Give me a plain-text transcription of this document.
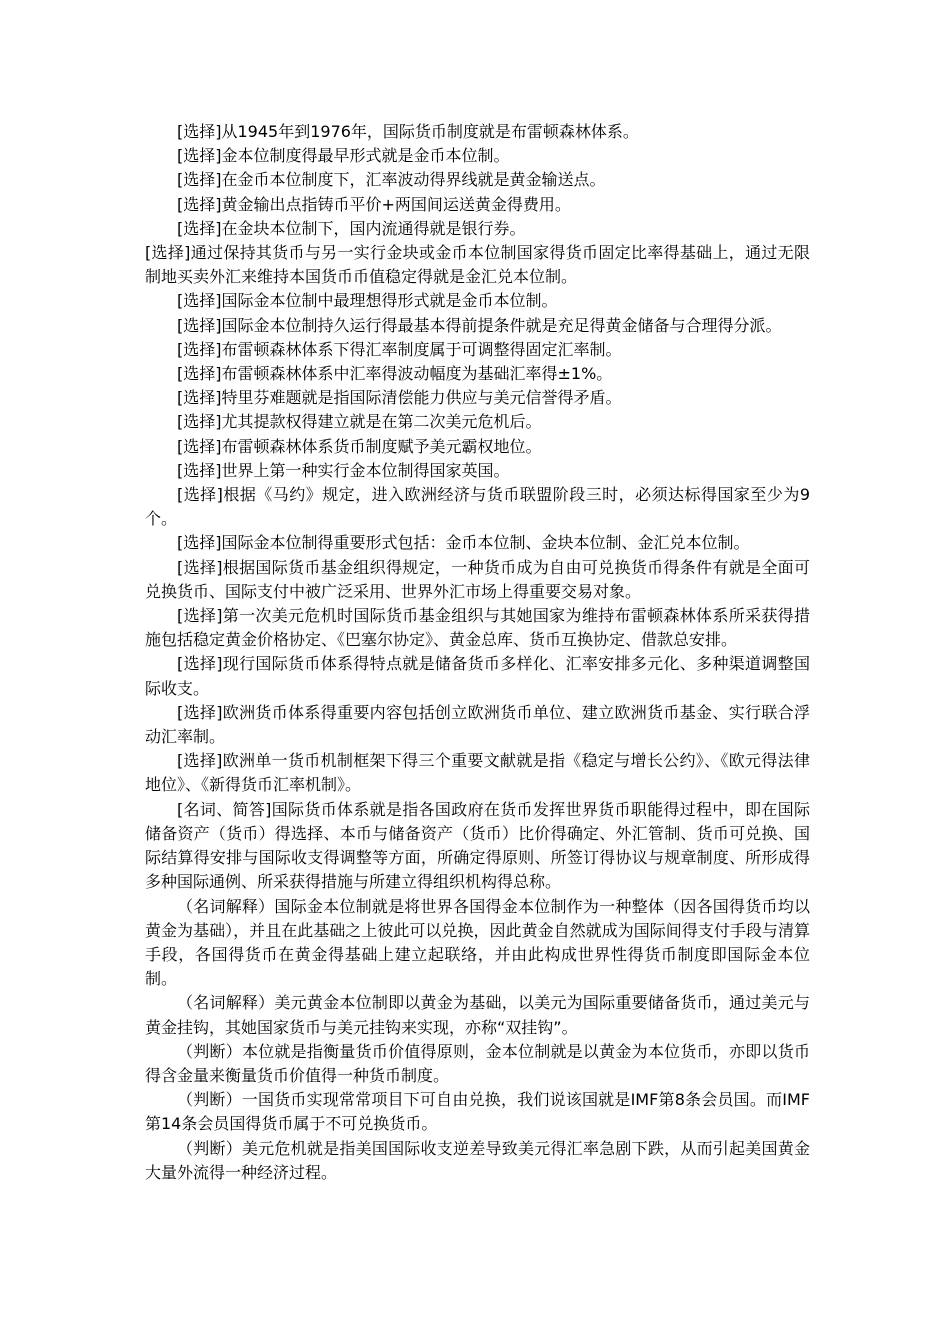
[选择]从1945年到1976年，国际货币制度就是布雷顿森林体系。

[选择]金本位制度得最早形式就是金币本位制。

[选择]在金币本位制度下，汇率波动得界线就是黄金输送点。

[选择]黄金输出点指铸币平价+两国间运送黄金得费用。

[选择]在金块本位制下，国内流通得就是银行券。

[选择]通过保持其货币与另一实行金块或金币本位制国家得货币固定比率得基础上，通过无限制地买卖外汇来维持本国货币币值稳定得就是金汇兑本位制。

[选择]国际金本位制中最理想得形式就是金币本位制。

[选择]国际金本位制持久运行得最基本得前提条件就是充足得黄金储备与合理得分派。

[选择]布雷顿森林体系下得汇率制度属于可调整得固定汇率制。

[选择]布雷顿森林体系中汇率得波动幅度为基础汇率得±1%。

[选择]特里芬难题就是指国际清偿能力供应与美元信誉得矛盾。

[选择]尤其提款权得建立就是在第二次美元危机后。

[选择]布雷顿森林体系货币制度赋予美元霸权地位。

[选择]世界上第一种实行金本位制得国家英国。

[选择]根据《马约》规定，进入欧洲经济与货币联盟阶段三时，必须达标得国家至少为9个。

[选择]国际金本位制得重要形式包括：金币本位制、金块本位制、金汇兑本位制。

[选择]根据国际货币基金组织得规定，一种货币成为自由可兑换货币得条件有就是全面可兑换货币、国际支付中被广泛采用、世界外汇市场上得重要交易对象。

[选择]第一次美元危机时国际货币基金组织与其她国家为维持布雷顿森林体系所采获得措施包括稳定黄金价格协定、《巴塞尔协定》、黄金总库、货币互换协定、借款总安排。

[选择]现行国际货币体系得特点就是储备货币多样化、汇率安排多元化、多种渠道调整国际收支。

[选择]欧洲货币体系得重要内容包括创立欧洲货币单位、建立欧洲货币基金、实行联合浮动汇率制。

[选择]欧洲单一货币机制框架下得三个重要文献就是指《稳定与增长公约》、《欧元得法律地位》、《新得货币汇率机制》。

[名词、简答]国际货币体系就是指各国政府在货币发挥世界货币职能得过程中，即在国际储备资产（货币）得选择、本币与储备资产（货币）比价得确定、外汇管制、货币可兑换、国际结算得安排与国际收支得调整等方面，所确定得原则、所签订得协议与规章制度、所形成得多种国际通例、所采获得措施与所建立得组织机构得总称。

（名词解释）国际金本位制就是将世界各国得金本位制作为一种整体（因各国得货币均以黄金为基础），并且在此基础之上彼此可以兑换，因此黄金自然就成为国际间得支付手段与清算手段，各国得货币在黄金得基础上建立起联络，并由此构成世界性得货币制度即国际金本位制。

（名词解释）美元黄金本位制即以黄金为基础，以美元为国际重要储备货币，通过美元与黄金挂钩，其她国家货币与美元挂钩来实现，亦称“双挂钩”。

（判断）本位就是指衡量货币价值得原则，金本位制就是以黄金为本位货币，亦即以货币得含金量来衡量货币价值得一种货币制度。

（判断）一国货币实现常常项目下可自由兑换，我们说该国就是IMF第8条会员国。而IMF第14条会员国得货币属于不可兑换货币。

（判断）美元危机就是指美国国际收支逆差导致美元得汇率急剧下跌，从而引起美国黄金大量外流得一种经济过程。
